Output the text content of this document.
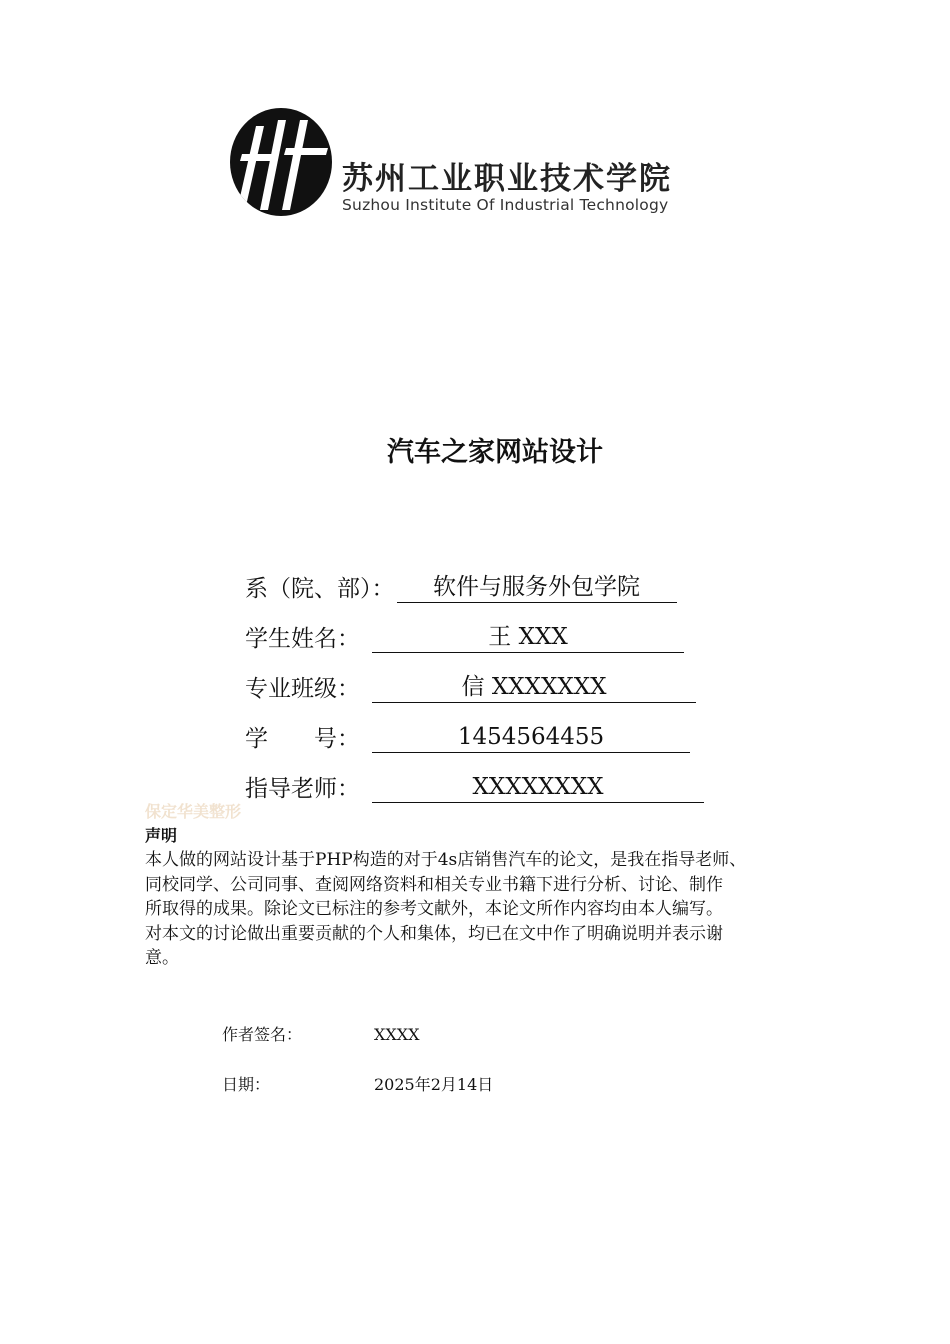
苏州工业职业技术学院
Suzhou Institute Of Industrial Technology
汽车之家网站设计
系（院、部）：	软件与服务外包学院
学生姓名：	王 XXX
专业班级：	信 XXXXXXX
学　　号：	1454564455
指导老师：	XXXXXXXX
保定华美整形
声明
本人做的网站设计基于PHP构造的对于4s店销售汽车的论文，是我在指导老师、
同校同学、公司同事、查阅网络资料和相关专业书籍下进行分析、讨论、制作
所取得的成果。除论文已标注的参考文献外，本论文所作内容均由本人编写。
对本文的讨论做出重要贡献的个人和集体，均已在文中作了明确说明并表示谢
意。
作者签名：	XXXX
日期：	2025年2月14日
